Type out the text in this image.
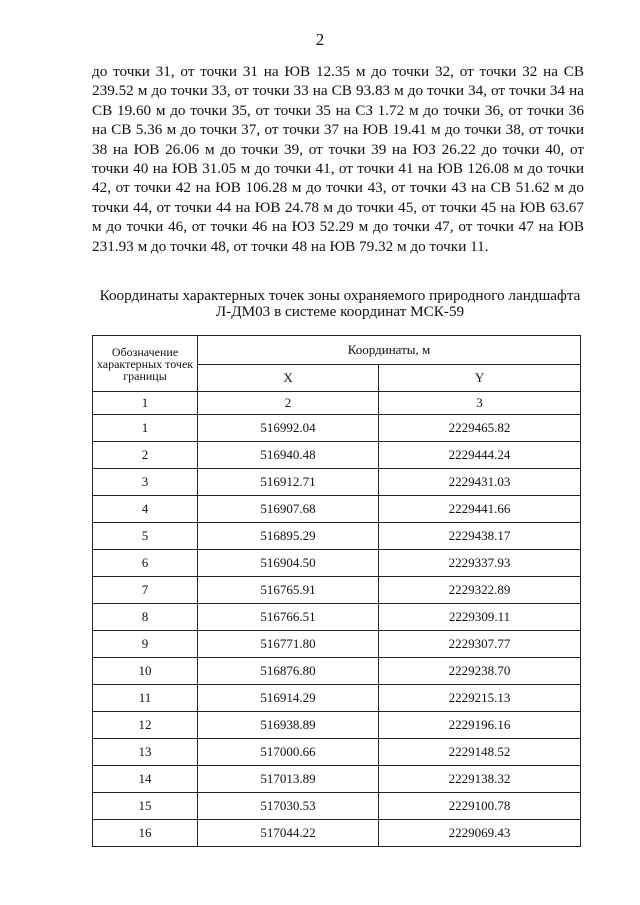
2

до точки 31, от точки 31 на ЮВ 12.35 м до точки 32, от точки 32 на СВ 239.52 м до точки 33, от точки 33 на СВ 93.83 м до точки 34, от точки 34 на СВ 19.60 м до точки 35, от точки 35 на СЗ 1.72 м до точки 36, от точки 36 на СВ 5.36 м до точки 37, от точки 37 на ЮВ 19.41 м до точки 38, от точки 38 на ЮВ 26.06 м до точки 39, от точки 39 на ЮЗ 26.22 до точки 40, от точки 40 на ЮВ 31.05 м до точки 41, от точки 41 на ЮВ 126.08 м до точки 42, от точки 42 на ЮВ 106.28 м до точки 43, от точки 43 на СВ 51.62 м до точки 44, от точки 44 на ЮВ 24.78 м до точки 45, от точки 45 на ЮВ 63.67 м до точки 46, от точки 46 на ЮЗ 52.29 м до точки 47, от точки 47 на ЮВ 231.93 м до точки 48, от точки 48 на ЮВ 79.32 м до точки 11.

Координаты характерных точек зоны охраняемого природного ландшафта
Л-ДМ03 в системе координат МСК-59
Обозначение характерных точек границы	Координаты, м	
	X	Y
1	2	3
1	516992.04	2229465.82
2	516940.48	2229444.24
3	516912.71	2229431.03
4	516907.68	2229441.66
5	516895.29	2229438.17
6	516904.50	2229337.93
7	516765.91	2229322.89
8	516766.51	2229309.11
9	516771.80	2229307.77
10	516876.80	2229238.70
11	516914.29	2229215.13
12	516938.89	2229196.16
13	517000.66	2229148.52
14	517013.89	2229138.32
15	517030.53	2229100.78
16	517044.22	2229069.43
